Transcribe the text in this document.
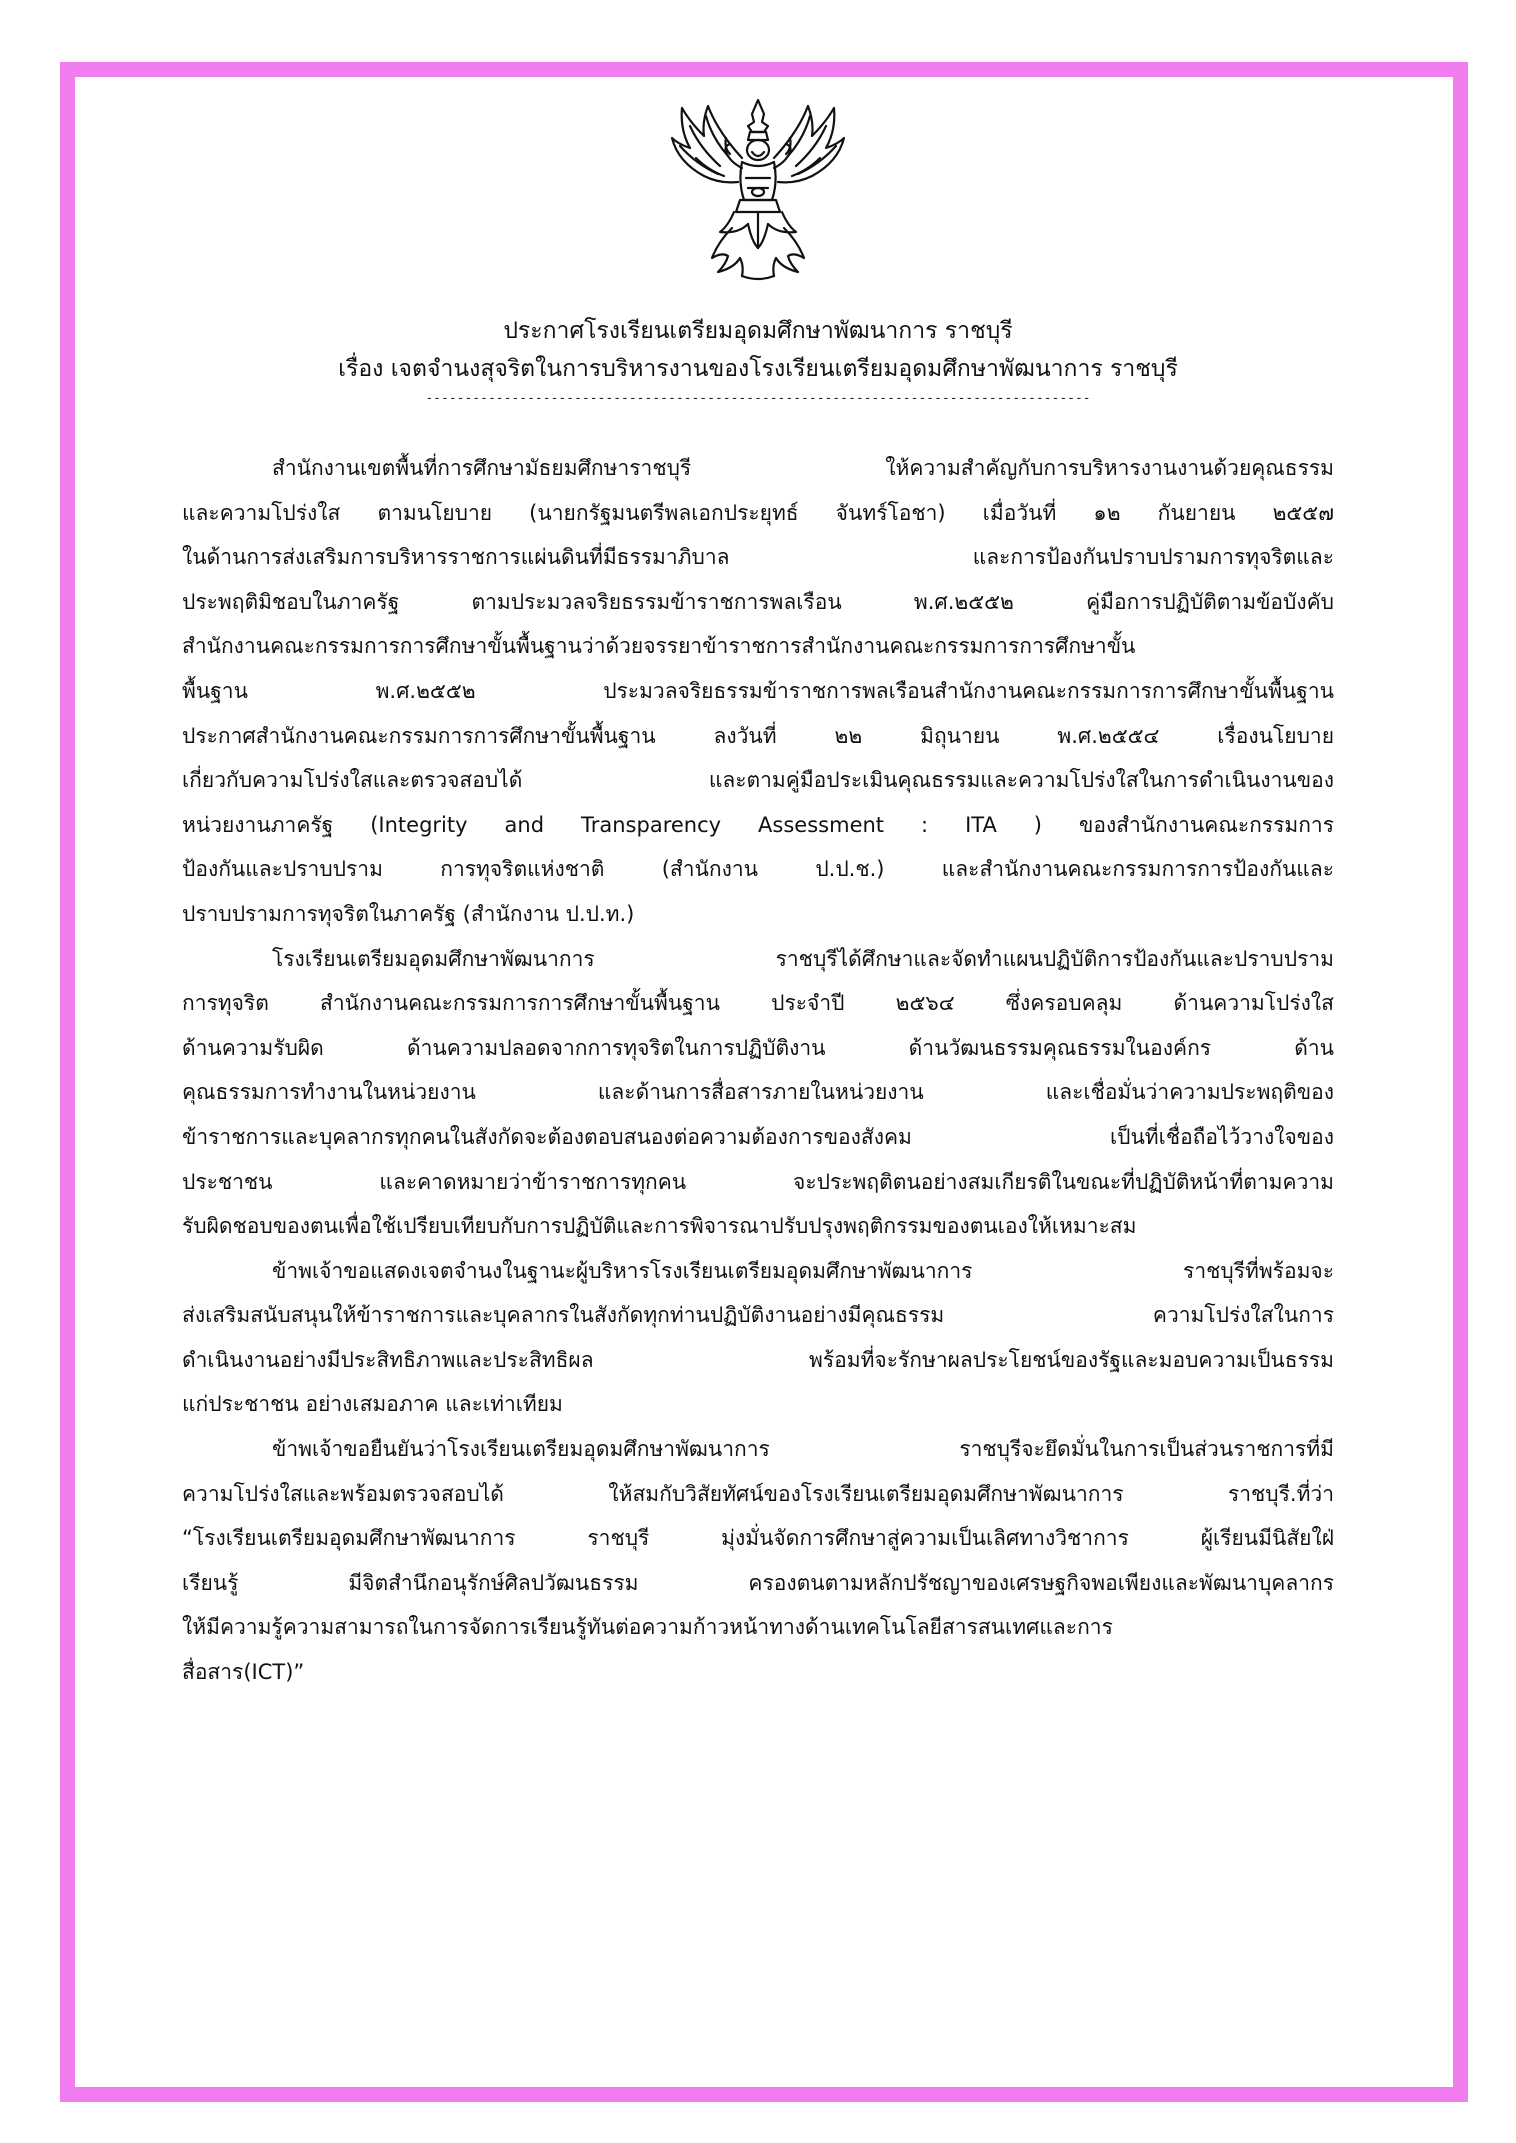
ประกาศโรงเรียนเตรียมอุดมศึกษาพัฒนาการ ราชบุรี
เรื่อง เจตจำนงสุจริตในการบริหารงานของโรงเรียนเตรียมอุดมศึกษาพัฒนาการ ราชบุรี
-------------------------------------------------------------------------------------

สำนักงานเขตพื้นที่การศึกษามัธยมศึกษาราชบุรี ให้ความสำคัญกับการบริหารงานงานด้วยคุณธรรม
และความโปร่งใส ตามนโยบาย (นายกรัฐมนตรีพลเอกประยุทธ์ จันทร์โอชา) เมื่อวันที่ ๑๒ กันยายน ๒๕๕๗
ในด้านการส่งเสริมการบริหารราชการแผ่นดินที่มีธรรมาภิบาล และการป้องกันปราบปรามการทุจริตและ
ประพฤติมิชอบในภาครัฐ ตามประมวลจริยธรรมข้าราชการพลเรือน พ.ศ.๒๕๕๒ คู่มือการปฏิบัติตามข้อบังคับ
สำนักงานคณะกรรมการการศึกษาขั้นพื้นฐานว่าด้วยจรรยาข้าราชการสำนักงานคณะกรรมการการศึกษาขั้น
พื้นฐาน พ.ศ.๒๕๕๒ ประมวลจริยธรรมข้าราชการพลเรือนสำนักงานคณะกรรมการการศึกษาขั้นพื้นฐาน
ประกาศสำนักงานคณะกรรมการการศึกษาขั้นพื้นฐาน ลงวันที่ ๒๒ มิถุนายน พ.ศ.๒๕๕๔ เรื่องนโยบาย
เกี่ยวกับความโปร่งใสและตรวจสอบได้ และตามคู่มือประเมินคุณธรรมและความโปร่งใสในการดำเนินงานของ
หน่วยงานภาครัฐ (Integrity and Transparency Assessment : ITA ) ของสำนักงานคณะกรรมการ
ป้องกันและปราบปราม การทุจริตแห่งชาติ (สำนักงาน ป.ป.ช.) และสำนักงานคณะกรรมการการป้องกันและ
ปราบปรามการทุจริตในภาครัฐ (สำนักงาน ป.ป.ท.)

โรงเรียนเตรียมอุดมศึกษาพัฒนาการ ราชบุรีได้ศึกษาและจัดทำแผนปฏิบัติการป้องกันและปราบปราม
การทุจริต สำนักงานคณะกรรมการการศึกษาขั้นพื้นฐาน ประจำปี ๒๕๖๔ ซึ่งครอบคลุม ด้านความโปร่งใส
ด้านความรับผิด ด้านความปลอดจากการทุจริตในการปฏิบัติงาน ด้านวัฒนธรรมคุณธรรมในองค์กร ด้าน
คุณธรรมการทำงานในหน่วยงาน และด้านการสื่อสารภายในหน่วยงาน และเชื่อมั่นว่าความประพฤติของ
ข้าราชการและบุคลากรทุกคนในสังกัดจะต้องตอบสนองต่อความต้องการของสังคม เป็นที่เชื่อถือไว้วางใจของ
ประชาชน และคาดหมายว่าข้าราชการทุกคน จะประพฤติตนอย่างสมเกียรติในขณะที่ปฏิบัติหน้าที่ตามความ
รับผิดชอบของตนเพื่อใช้เปรียบเทียบกับการปฏิบัติและการพิจารณาปรับปรุงพฤติกรรมของตนเองให้เหมาะสม

ข้าพเจ้าขอแสดงเจตจำนงในฐานะผู้บริหารโรงเรียนเตรียมอุดมศึกษาพัฒนาการ ราชบุรีที่พร้อมจะ
ส่งเสริมสนับสนุนให้ข้าราชการและบุคลากรในสังกัดทุกท่านปฏิบัติงานอย่างมีคุณธรรม ความโปร่งใสในการ
ดำเนินงานอย่างมีประสิทธิภาพและประสิทธิผล พร้อมที่จะรักษาผลประโยชน์ของรัฐและมอบความเป็นธรรม
แก่ประชาชน อย่างเสมอภาค และเท่าเทียม

ข้าพเจ้าขอยืนยันว่าโรงเรียนเตรียมอุดมศึกษาพัฒนาการ ราชบุรีจะยึดมั่นในการเป็นส่วนราชการที่มี
ความโปร่งใสและพร้อมตรวจสอบได้ ให้สมกับวิสัยทัศน์ของโรงเรียนเตรียมอุดมศึกษาพัฒนาการ ราชบุรี.ที่ว่า
“โรงเรียนเตรียมอุดมศึกษาพัฒนาการ ราชบุรี มุ่งมั่นจัดการศึกษาสู่ความเป็นเลิศทางวิชาการ ผู้เรียนมีนิสัยใฝ่
เรียนรู้ มีจิตสำนึกอนุรักษ์ศิลปวัฒนธรรม ครองตนตามหลักปรัชญาของเศรษฐกิจพอเพียงและพัฒนาบุคลากร
ให้มีความรู้ความสามารถในการจัดการเรียนรู้ทันต่อความก้าวหน้าทางด้านเทคโนโลยีสารสนเทศและการ
สื่อสาร(ICT)”
